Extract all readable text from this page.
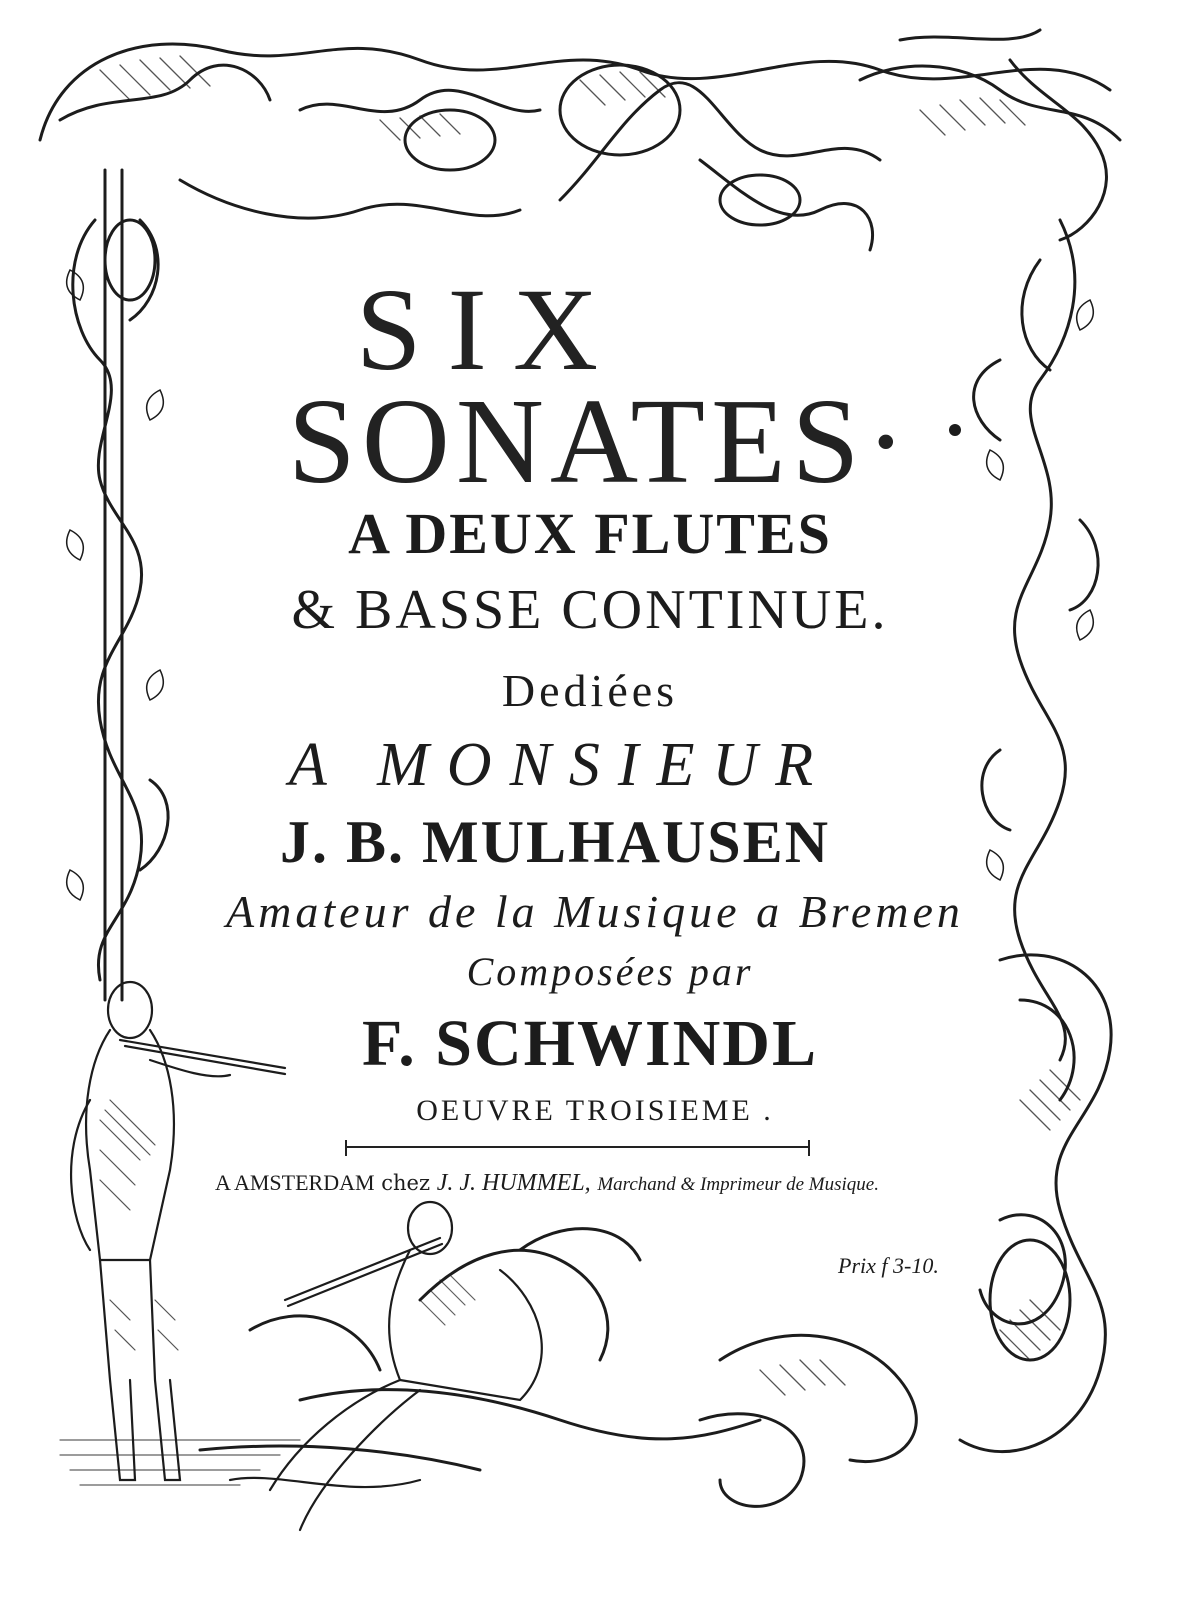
SIX
SONATES·
A DEUX FLUTES
& BASSE CONTINUE.
Dediées
A MONSIEUR
J. B. MULHAUSEN
Amateur de la Musique a Bremen
Composées par
F. SCHWINDL
OEUVRE TROISIEME .
A AMSTERDAM chez J. J. HUMMEL, Marchand & Imprimeur de Musique.
Prix f 3-10.
